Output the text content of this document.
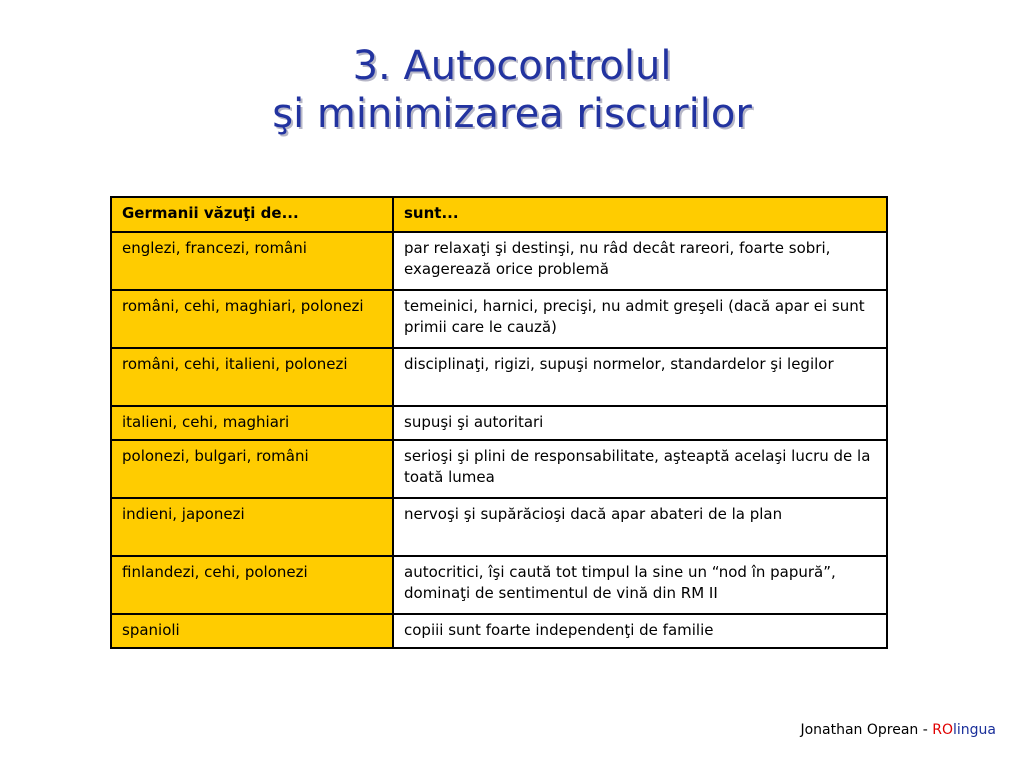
3. Autocontrolul
şi minimizarea riscurilor
Germanii văzuţi de...	sunt...
englezi, francezi, români	par relaxaţi şi destinşi, nu râd decât rareori, foarte sobri, exagerează orice problemă
români, cehi, maghiari, polonezi	temeinici, harnici, precişi, nu admit greşeli (dacă apar ei sunt primii care le cauză)
români, cehi, italieni, polonezi	disciplinaţi, rigizi, supuşi normelor, standardelor şi legilor
italieni, cehi, maghiari	supuşi şi autoritari
polonezi, bulgari, români	serioşi şi plini de responsabilitate, aşteaptă acelaşi lucru de la toată lumea
indieni, japonezi	nervoşi şi supărăcioşi dacă apar abateri de la plan
finlandezi, cehi, polonezi	autocritici, îşi caută tot timpul la sine un “nod în papură”, dominaţi de sentimentul de vină din RM II
spanioli	copiii sunt foarte independenţi de familie
Jonathan Oprean - ROlingua
